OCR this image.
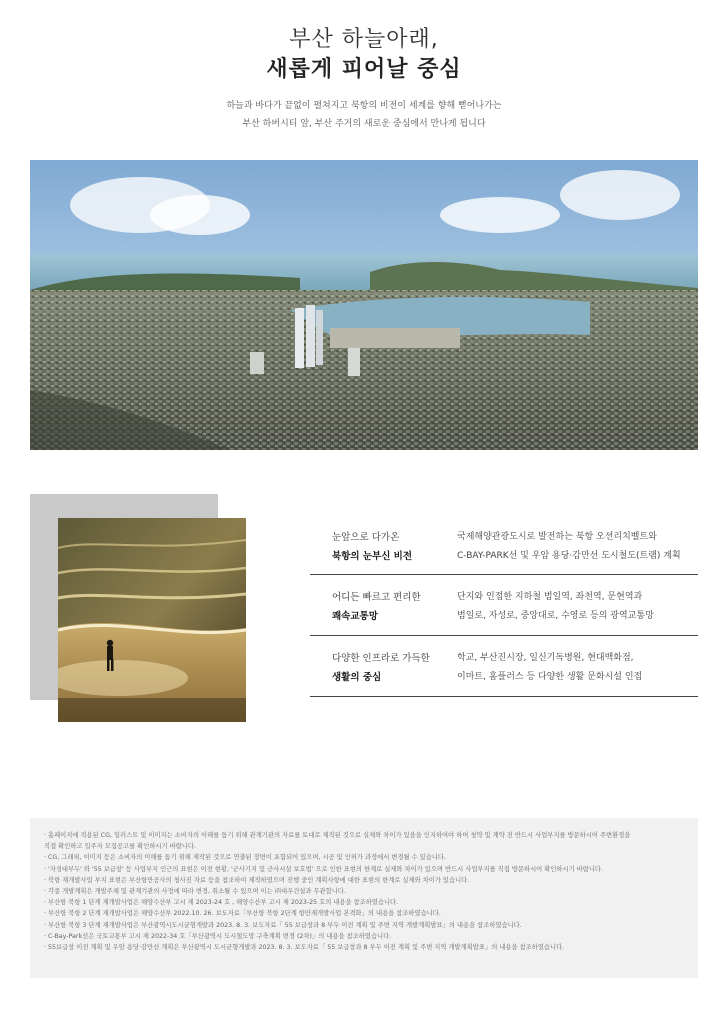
부산 하늘아래,
새롭게 피어날 중심
하늘과 바다가 끝없이 펼쳐지고 북항의 비전이 세계를 향해 뻗어나가는
부산 하버시티 앞, 부산 주거의 새로운 중심에서 만나게 됩니다
눈앞으로 다가온
북항의 눈부신 비전
국제해양관광도시로 발전하는 북항 오션리치벨트와
C-BAY-PARK선 및 우암 용당·감만선 도시철도(트램) 계획
어디든 빠르고 편리한
쾌속교통망
단지와 인접한 지하철 범일역, 좌천역, 문현역과
범일로, 자성로, 중앙대로, 수영로 등의 광역교통망
다양한 인프라로 가득한
생활의 중심
학교, 부산진시장, 일신기독병원, 현대백화점,
이마트, 홈플러스 등 다양한 생활 문화시설 인접
· 홈페이지에 적용된 CG, 일러스트 및 이미지는 소비자의 이해를 돕기 위해 관계기관의 자료를 토대로 제작된 것으로 실제와 차이가 있을을 인지하여야 하며 청약 및 계약 전 반드시 사업부지를 방문하시어 주변환경을
직접 확인하고 입주자 모집공고를 확인하시기 바랍니다.
· CG, 그래픽, 이미지 등은 소비자의 이해를 돕기 위해 제작된 것으로 연출된 장면이 포함되어 있으며, 시공 및 인허가 과정에서 변경될 수 있습니다.
· '자성대부두' 와 '55 보급창' 등 사업부지 인근의 표현은 이전 현황, '군사기지 및 군사시설 보호법' 으로 인한 표현의 한계로 실제와 차이가 있으며 반드시 사업부지를 직접 방문하시어 확인하시기 바랍니다.
· 북항 재개발사업 부지 표현은 부산항만공사의 청사진 자료 등을 참조하여 제작하였으며 진행 중인 계획사항에 대한 표현의 한계로 실제와 차이가 있습니다.
· 각종 개발계획은 개발주체 및 관계기관의 사정에 따라 변경, 취소될 수 있으며 이는 ㈜대우건설과 무관합니다.
· 부산항 북항 1 단계 재개발사업은 해양수산부 고시 제 2023-24 호 , 해양수산부 고시 제 2023-25 호의 내용을 참조하였습니다.
· 부산항 북항 2 단계 재개발사업은 해양수산부 2022.10. 26. 보도자료「부산항 북항 2단계 항만재개발사업 본격화」의 내용을 참조하였습니다.
· 부산항 북항 3 단계 재개발사업은 부산광역시도시균형개발과 2023. 8. 3. 보도자료「 55 보급창과 8 부두 이전 계획 및 주변 지역 개발계획발표」의 내용을 참조하였습니다.
· C-Bay-Park선은 국토교통부 고시 제 2022-34 호「부산광역시 도시철도망 구축계획 변경 (2차)」의 내용을 참조하였습니다.
· 55보급창 이전 계획 및 우암 용당·감만선 계획은 부산광역시 도시균형개발과 2023. 8. 3. 보도자료「 55 보급창과 8 부두 이전 계획 및 주변 지역 개발계획발표」의 내용을 참조하였습니다.
